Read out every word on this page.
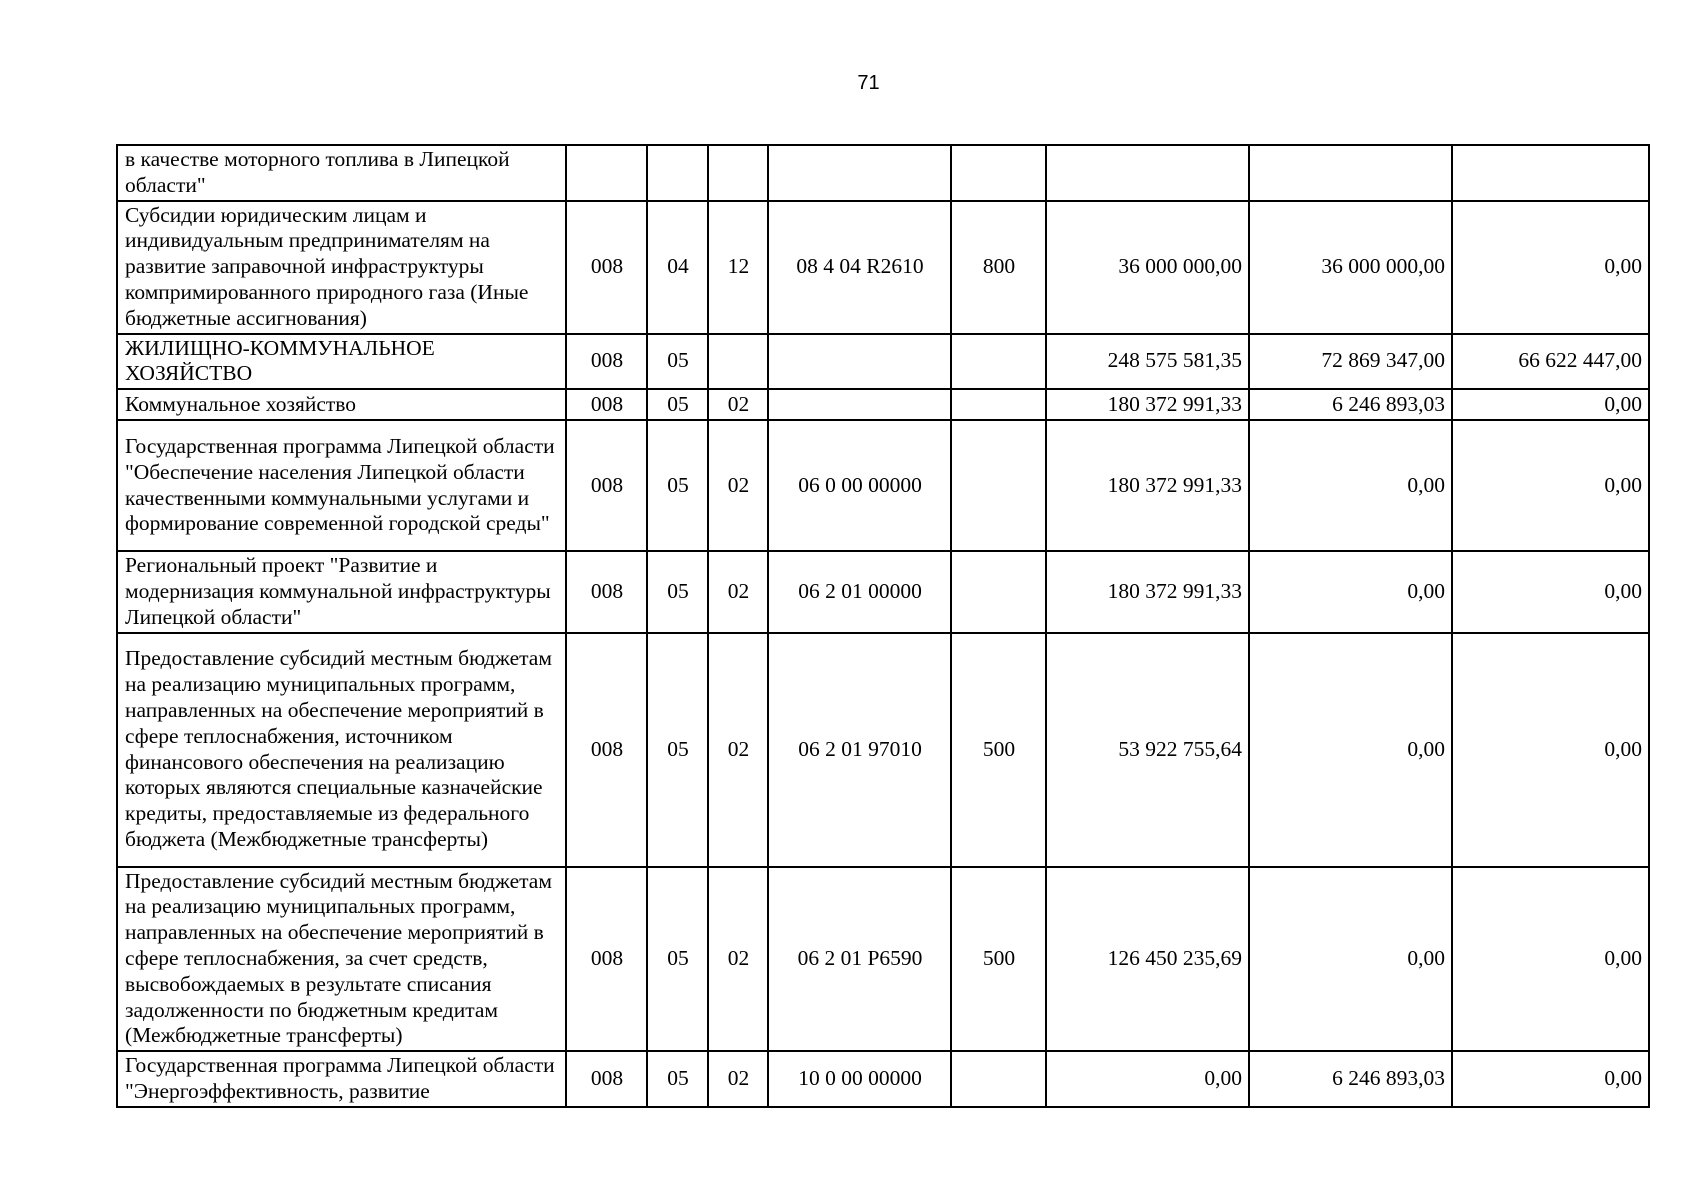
71
в качестве моторного топлива в Липецкой области"								
Субсидии юридическим лицам и индивидуальным предпринимателям на развитие заправочной инфраструктуры компримированного природного газа (Иные бюджетные ассигнования)	008	04	12	08 4 04 R2610	800	36 000 000,00	36 000 000,00	0,00
ЖИЛИЩНО-КОММУНАЛЬНОЕ ХОЗЯЙСТВО	008	05				248 575 581,35	72 869 347,00	66 622 447,00
Коммунальное хозяйство	008	05	02			180 372 991,33	6 246 893,03	0,00
Государственная программа Липецкой области "Обеспечение населения Липецкой области качественными коммунальными услугами и формирование современной городской среды"	008	05	02	06 0 00 00000		180 372 991,33	0,00	0,00
Региональный проект "Развитие и модернизация коммунальной инфраструктуры Липецкой области"	008	05	02	06 2 01 00000		180 372 991,33	0,00	0,00
Предоставление субсидий местным бюджетам на реализацию муниципальных программ, направленных на обеспечение мероприятий в сфере теплоснабжения, источником финансового обеспечения на реализацию которых являются специальные казначейские кредиты, предоставляемые из федерального бюджета (Межбюджетные трансферты)	008	05	02	06 2 01 97010	500	53 922 755,64	0,00	0,00
Предоставление субсидий местным бюджетам на реализацию муниципальных программ, направленных на обеспечение мероприятий в сфере теплоснабжения, за счет средств, высвобождаемых в результате списания задолженности по бюджетным кредитам (Межбюджетные трансферты)	008	05	02	06 2 01 P6590	500	126 450 235,69	0,00	0,00
Государственная программа Липецкой области "Энергоэффективность, развитие	008	05	02	10 0 00 00000		0,00	6 246 893,03	0,00
